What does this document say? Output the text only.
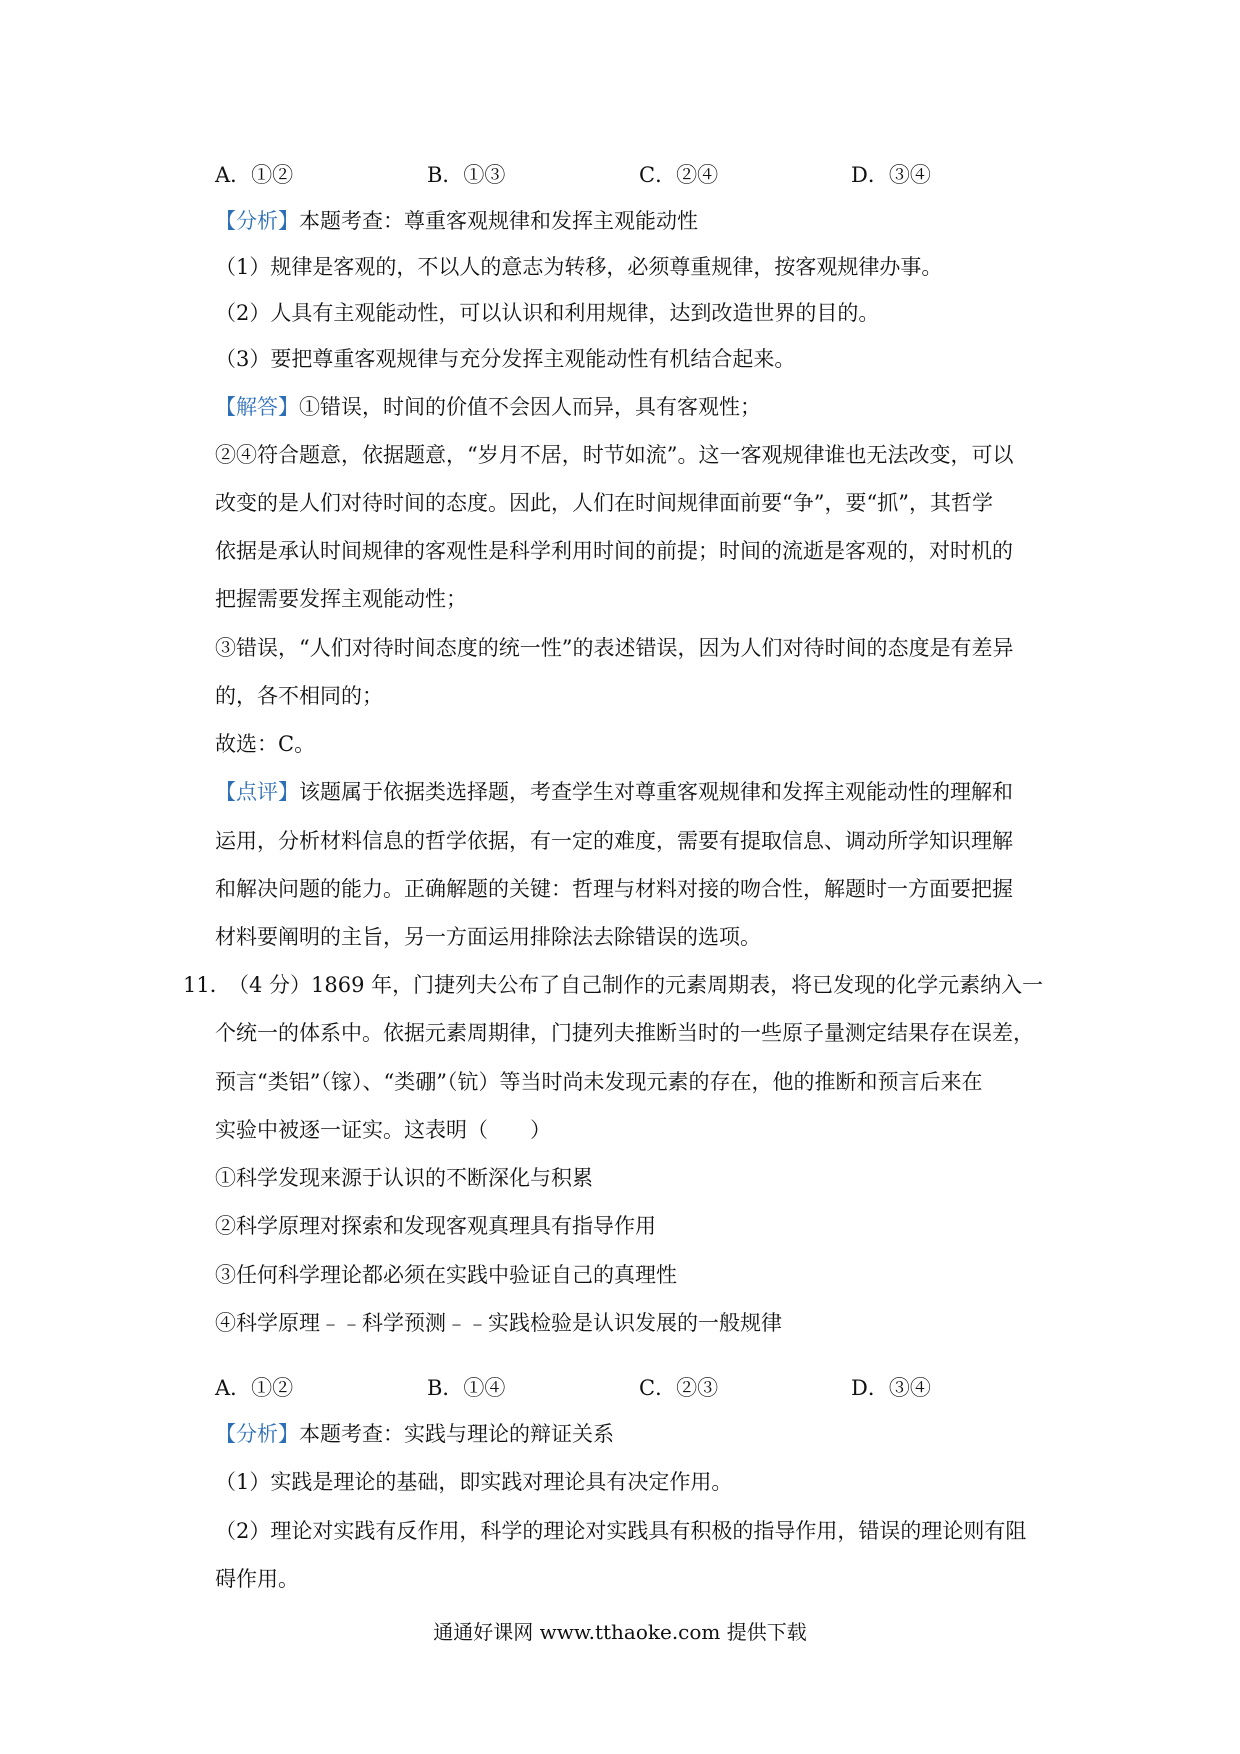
A．①②	B．①③	C．②④	D．③④
【分析】本题考查：尊重客观规律和发挥主观能动性
（1）规律是客观的，不以人的意志为转移，必须尊重规律，按客观规律办事。
（2）人具有主观能动性，可以认识和利用规律，达到改造世界的目的。
（3）要把尊重客观规律与充分发挥主观能动性有机结合起来。
【解答】①错误，时间的价值不会因人而异，具有客观性；
②④符合题意，依据题意，“岁月不居，时节如流”。这一客观规律谁也无法改变，可以
改变的是人们对待时间的态度。因此，人们在时间规律面前要“争”，要“抓”，其哲学
依据是承认时间规律的客观性是科学利用时间的前提；时间的流逝是客观的，对时机的
把握需要发挥主观能动性；
③错误，“人们对待时间态度的统一性”的表述错误，因为人们对待时间的态度是有差异
的，各不相同的；
故选：C。
【点评】该题属于依据类选择题，考查学生对尊重客观规律和发挥主观能动性的理解和
运用，分析材料信息的哲学依据，有一定的难度，需要有提取信息、调动所学知识理解
和解决问题的能力。正确解题的关键：哲理与材料对接的吻合性，解题时一方面要把握
材料要阐明的主旨，另一方面运用排除法去除错误的选项。
11．
（4 分）1869 年，门捷列夫公布了自己制作的元素周期表，将已发现的化学元素纳入一
个统一的体系中。依据元素周期律，门捷列夫推断当时的一些原子量测定结果存在误差，
预言“类铝”（镓）、“类硼”（钪）等当时尚未发现元素的存在，他的推断和预言后来在
实验中被逐一证实。这表明（　　）
①科学发现来源于认识的不断深化与积累
②科学原理对探索和发现客观真理具有指导作用
③任何科学理论都必须在实践中验证自己的真理性
④科学原理﹣﹣科学预测﹣﹣实践检验是认识发展的一般规律
A．①②	B．①④	C．②③	D．③④
【分析】本题考查：实践与理论的辩证关系
（1）实践是理论的基础，即实践对理论具有决定作用。
（2）理论对实践有反作用，科学的理论对实践具有积极的指导作用，错误的理论则有阻
碍作用。
通通好课网 www.tthaoke.com 提供下载
